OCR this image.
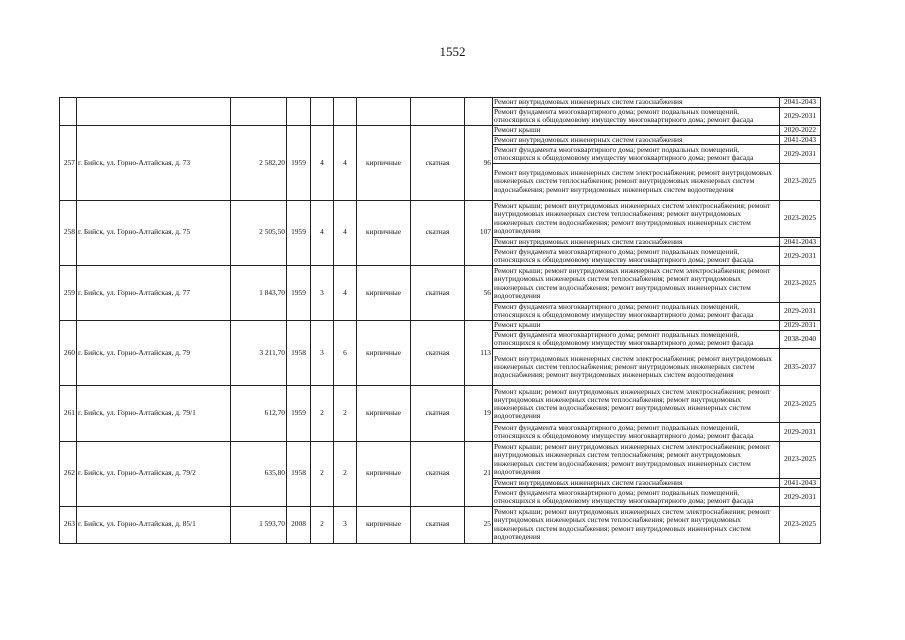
1552
									Ремонт внутридомовых инженерных систем газоснабжения	2041-2043
									Ремонт фундамента многоквартирного дома; ремонт подвальных помещений, относящихся к общедомовому имуществу многоквартирного дома; ремонт фасада	2029-2031
257	г. Бийск, ул. Горно-Алтайская, д. 73	2 582,20	1959	4	4	кирпичные	скатная	96	Ремонт крыши	2020-2022
									Ремонт внутридомовых инженерных систем газоснабжения	2041-2043
									Ремонт фундамента многоквартирного дома; ремонт подвальных помещений, относящихся к общедомовому имуществу многоквартирного дома; ремонт фасада	2029-2031
									Ремонт внутридомовых инженерных систем электроснабжения; ремонт внутридомовых инженерных систем теплоснабжения; ремонт внутридомовых инженерных систем водоснабжения; ремонт внутридомовых инженерных систем водоотведения	2023-2025
258	г. Бийск, ул. Горно-Алтайская, д. 75	2 505,50	1959	4	4	кирпичные	скатная	107	Ремонт крыши; ремонт внутридомовых инженерных систем электроснабжения; ремонт внутридомовых инженерных систем теплоснабжения; ремонт внутридомовых инженерных систем водоснабжения; ремонт внутридомовых инженерных систем водоотведения	2023-2025
									Ремонт внутридомовых инженерных систем газоснабжения	2041-2043
									Ремонт фундамента многоквартирного дома; ремонт подвальных помещений, относящихся к общедомовому имуществу многоквартирного дома; ремонт фасада	2029-2031
259	г. Бийск, ул. Горно-Алтайская, д. 77	1 843,70	1959	3	4	кирпичные	скатная	56	Ремонт крыши; ремонт внутридомовых инженерных систем электроснабжения; ремонт внутридомовых инженерных систем теплоснабжения; ремонт внутридомовых инженерных систем водоснабжения; ремонт внутридомовых инженерных систем водоотведения	2023-2025
									Ремонт фундамента многоквартирного дома; ремонт подвальных помещений, относящихся к общедомовому имуществу многоквартирного дома; ремонт фасада	2029-2031
260	г. Бийск, ул. Горно-Алтайская, д. 79	3 211,70	1958	3	6	кирпичные	скатная	113	Ремонт крыши	2029-2031
									Ремонт фундамента многоквартирного дома; ремонт подвальных помещений, относящихся к общедомовому имуществу многоквартирного дома; ремонт фасада	2038-2040
									Ремонт внутридомовых инженерных систем электроснабжения; ремонт внутридомовых инженерных систем теплоснабжения; ремонт внутридомовых инженерных систем водоснабжения; ремонт внутридомовых инженерных систем водоотведения	2035-2037
261	г. Бийск, ул. Горно-Алтайская, д. 79/1	612,70	1959	2	2	кирпичные	скатная	19	Ремонт крыши; ремонт внутридомовых инженерных систем электроснабжения; ремонт внутридомовых инженерных систем теплоснабжения; ремонт внутридомовых инженерных систем водоснабжения; ремонт внутридомовых инженерных систем водоотведения	2023-2025
									Ремонт фундамента многоквартирного дома; ремонт подвальных помещений, относящихся к общедомовому имуществу многоквартирного дома; ремонт фасада	2029-2031
262	г. Бийск, ул. Горно-Алтайская, д. 79/2	635,80	1958	2	2	кирпичные	скатная	21	Ремонт крыши; ремонт внутридомовых инженерных систем электроснабжения; ремонт внутридомовых инженерных систем теплоснабжения; ремонт внутридомовых инженерных систем водоснабжения; ремонт внутридомовых инженерных систем водоотведения	2023-2025
									Ремонт внутридомовых инженерных систем газоснабжения	2041-2043
									Ремонт фундамента многоквартирного дома; ремонт подвальных помещений, относящихся к общедомовому имуществу многоквартирного дома; ремонт фасада	2029-2031
263	г. Бийск, ул. Горно-Алтайская, д. 85/1	1 593,70	2008	2	3	кирпичные	скатная	25	Ремонт крыши; ремонт внутридомовых инженерных систем электроснабжения; ремонт внутридомовых инженерных систем теплоснабжения; ремонт внутридомовых инженерных систем водоснабжения; ремонт внутридомовых инженерных систем водоотведения	2023-2025
